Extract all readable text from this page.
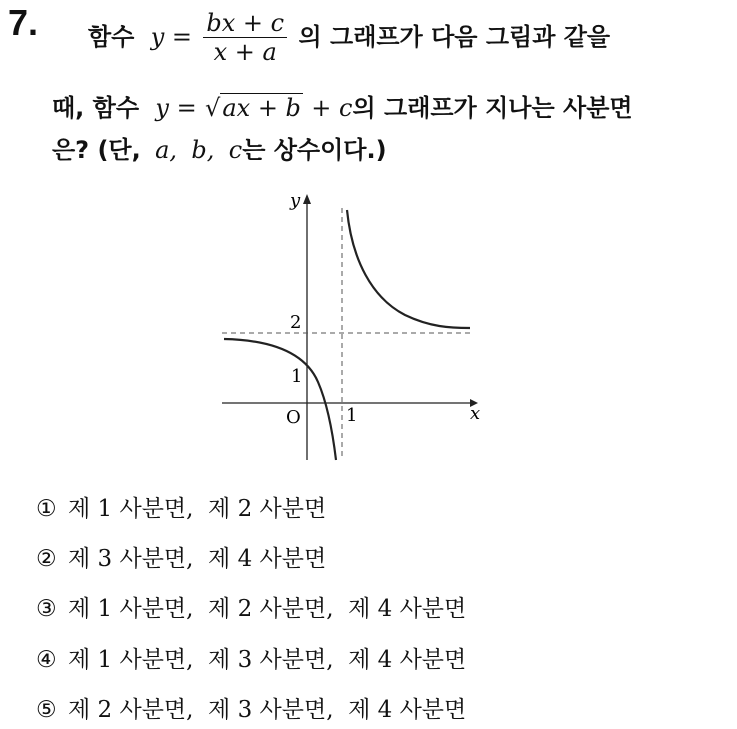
7. 함수 $y = \frac{bx + c}{x + a}$ 의 그래프가 다음 그림과 같을
때, 함수 y = √ax + b + c의 그래프가 지나는 사분면
은? (단, a, b, c는 상수이다.)
y
x
O
2
1
1
① 제 1 사분면,  제 2 사분면
② 제 3 사분면,  제 4 사분면
③ 제 1 사분면,  제 2 사분면,  제 4 사분면
④ 제 1 사분면,  제 3 사분면,  제 4 사분면
⑤ 제 2 사분면,  제 3 사분면,  제 4 사분면
